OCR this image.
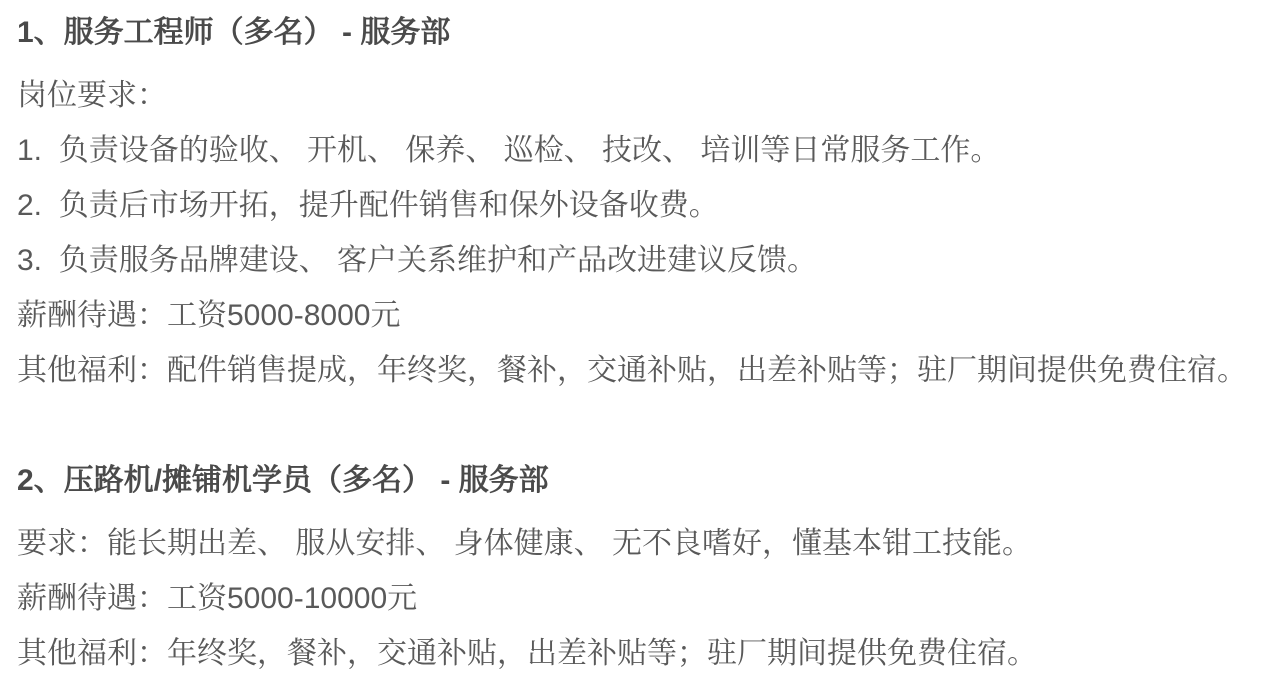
1、服务工程师（多名） - 服务部

岗位要求：

1.  负责设备的验收、 开机、 保养、 巡检、 技改、 培训等日常服务工作。

2.  负责后市场开拓，提升配件销售和保外设备收费。

3.  负责服务品牌建设、 客户关系维护和产品改进建议反馈。

薪酬待遇：工资5000-8000元

其他福利：配件销售提成，年终奖，餐补，交通补贴，出差补贴等；驻厂期间提供免费住宿。

2、压路机/摊铺机学员（多名） - 服务部

要求：能长期出差、 服从安排、 身体健康、 无不良嗜好，懂基本钳工技能。

薪酬待遇：工资5000-10000元

其他福利：年终奖，餐补，交通补贴，出差补贴等；驻厂期间提供免费住宿。
